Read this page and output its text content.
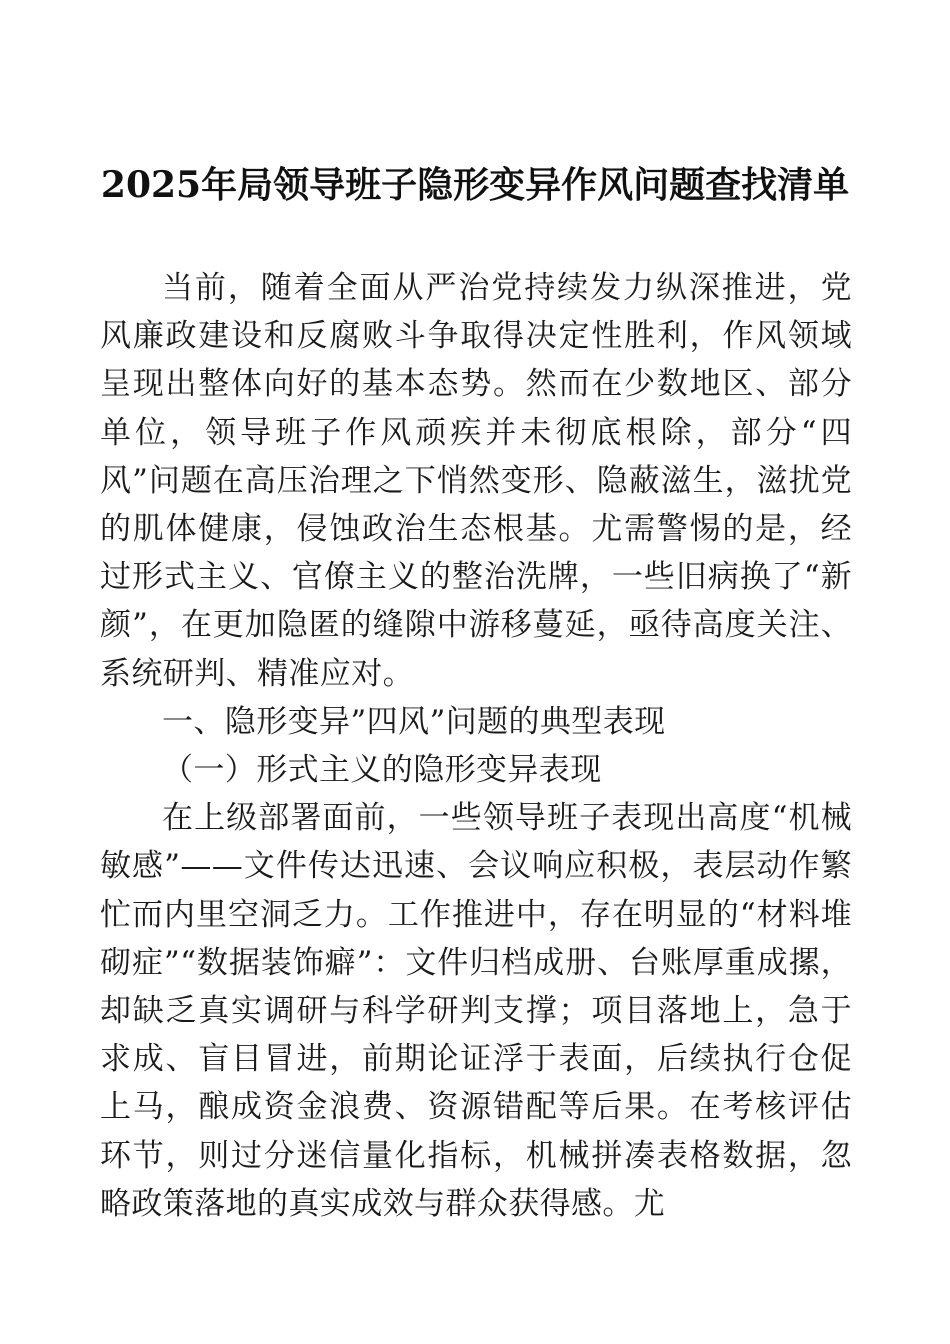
2025年局领导班子隐形变异作风问题查找清单

当前，随着全面从严治党持续发力纵深推进，党风廉政建设和反腐败斗争取得决定性胜利，作风领域呈现出整体向好的基本态势。然而在少数地区、部分单位，领导班子作风顽疾并未彻底根除，部分“四风”问题在高压治理之下悄然变形、隐蔽滋生，滋扰党的肌体健康，侵蚀政治生态根基。尤需警惕的是，经过形式主义、官僚主义的整治洗牌，一些旧病换了“新颜”，在更加隐匿的缝隙中游移蔓延，亟待高度关注、系统研判、精准应对。

一、隐形变异”四风”问题的典型表现

（一）形式主义的隐形变异表现

在上级部署面前，一些领导班子表现出高度“机械敏感”——文件传达迅速、会议响应积极，表层动作繁忙而内里空洞乏力。工作推进中，存在明显的“材料堆砌症”“数据装饰癖”：文件归档成册、台账厚重成摞，却缺乏真实调研与科学研判支撑；项目落地上，急于求成、盲目冒进，前期论证浮于表面，后续执行仓促上马，酿成资金浪费、资源错配等后果。在考核评估环节，则过分迷信量化指标，机械拼凑表格数据，忽略政策落地的真实成效与群众获得感。尤
